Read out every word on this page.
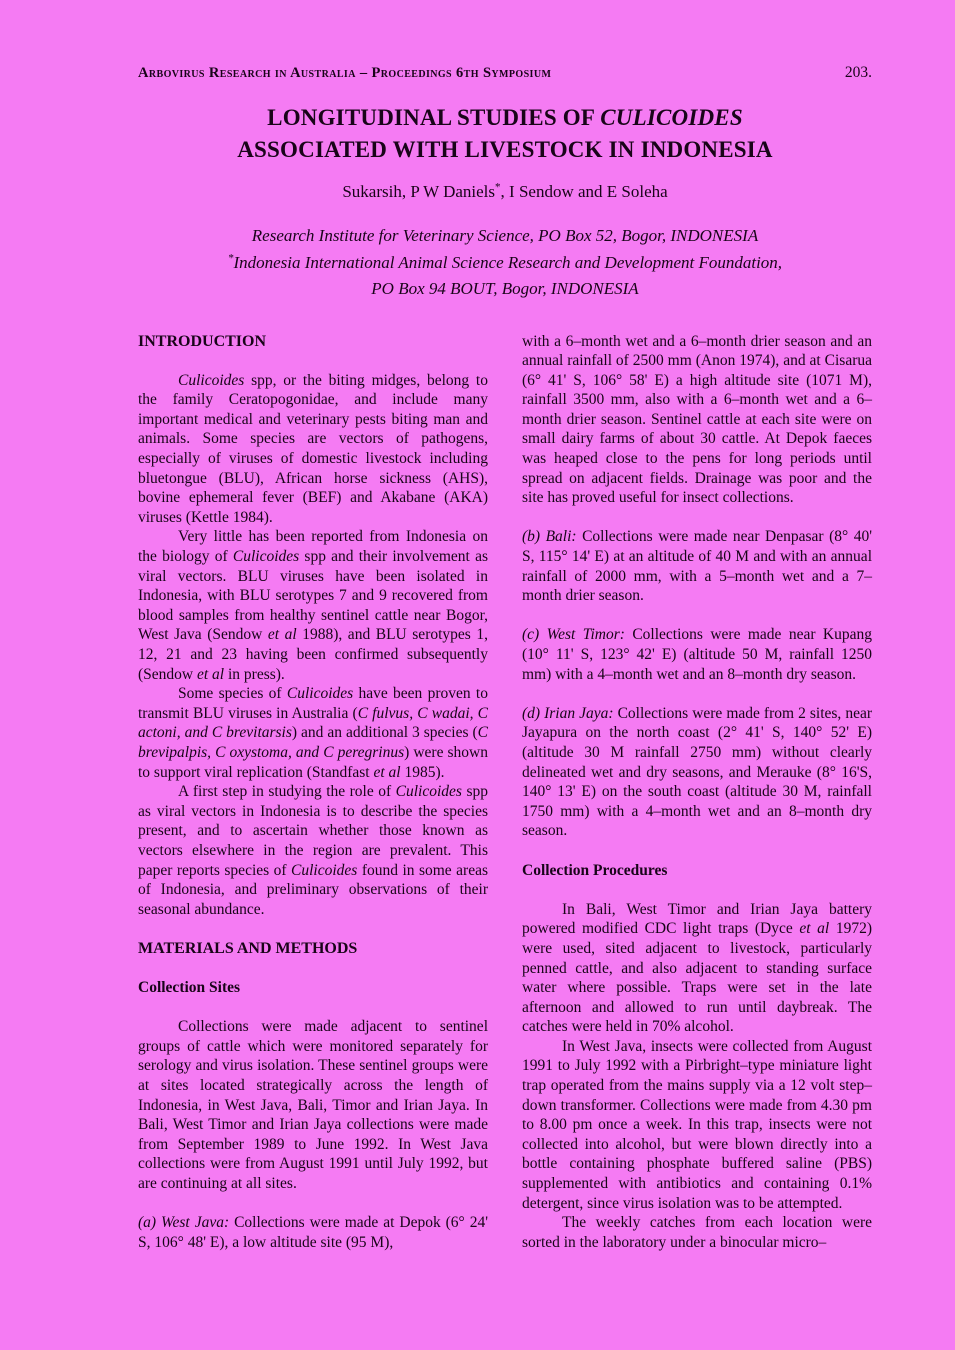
Arbovirus Research in Australia – Proceedings 6th Symposium	203.
LONGITUDINAL STUDIES OF CULICOIDES
ASSOCIATED WITH LIVESTOCK IN INDONESIA
Sukarsih, P W Daniels*, I Sendow and E Soleha
Research Institute for Veterinary Science, PO Box 52, Bogor, INDONESIA
*Indonesia International Animal Science Research and Development Foundation,
PO Box 94 BOUT, Bogor, INDONESIA
INTRODUCTION
Culicoides spp, or the biting midges, belong to the family Ceratopogonidae, and include many important medical and veterinary pests biting man and animals. Some species are vectors of pathogens, especially of viruses of domestic livestock including bluetongue (BLU), African horse sickness (AHS), bovine ephemeral fever (BEF) and Akabane (AKA) viruses (Kettle 1984).
Very little has been reported from Indonesia on the biology of Culicoides spp and their involvement as viral vectors. BLU viruses have been isolated in Indonesia, with BLU serotypes 7 and 9 recovered from blood samples from healthy sentinel cattle near Bogor, West Java (Sendow et al 1988), and BLU serotypes 1, 12, 21 and 23 having been confirmed subsequently (Sendow et al in press).
Some species of Culicoides have been proven to transmit BLU viruses in Australia (C fulvus, C wadai, C actoni, and C brevitarsis) and an additional 3 species (C brevipalpis, C oxystoma, and C peregrinus) were shown to support viral replication (Standfast et al 1985).
A first step in studying the role of Culicoides spp as viral vectors in Indonesia is to describe the species present, and to ascertain whether those known as vectors elsewhere in the region are prevalent. This paper reports species of Culicoides found in some areas of Indonesia, and preliminary observations of their seasonal abundance.
MATERIALS AND METHODS
Collection Sites
Collections were made adjacent to sentinel groups of cattle which were monitored separately for serology and virus isolation. These sentinel groups were at sites located strategically across the length of Indonesia, in West Java, Bali, Timor and Irian Jaya. In Bali, West Timor and Irian Jaya collections were made from September 1989 to June 1992. In West Java collections were from August 1991 until July 1992, but are continuing at all sites.
(a) West Java: Collections were made at Depok (6° 24' S, 106° 48' E), a low altitude site (95 M),
with a 6–month wet and a 6–month drier season and an annual rainfall of 2500 mm (Anon 1974), and at Cisarua (6° 41' S, 106° 58' E) a high altitude site (1071 M), rainfall 3500 mm, also with a 6–month wet and a 6–month drier season. Sentinel cattle at each site were on small dairy farms of about 30 cattle. At Depok faeces was heaped close to the pens for long periods until spread on adjacent fields. Drainage was poor and the site has proved useful for insect collections.
(b) Bali: Collections were made near Denpasar (8° 40' S, 115° 14' E) at an altitude of 40 M and with an annual rainfall of 2000 mm, with a 5–month wet and a 7–month drier season.
(c) West Timor: Collections were made near Kupang (10° 11' S, 123° 42' E) (altitude 50 M, rainfall 1250 mm) with a 4–month wet and an 8–month dry season.
(d) Irian Jaya: Collections were made from 2 sites, near Jayapura on the north coast (2° 41' S, 140° 52' E) (altitude 30 M rainfall 2750 mm) without clearly delineated wet and dry seasons, and Merauke (8° 16'S, 140° 13' E) on the south coast (altitude 30 M, rainfall 1750 mm) with a 4–month wet and an 8–month dry season.
Collection Procedures
In Bali, West Timor and Irian Jaya battery powered modified CDC light traps (Dyce et al 1972) were used, sited adjacent to livestock, particularly penned cattle, and also adjacent to standing surface water where possible. Traps were set in the late afternoon and allowed to run until daybreak. The catches were held in 70% alcohol.
In West Java, insects were collected from August 1991 to July 1992 with a Pirbright–type miniature light trap operated from the mains supply via a 12 volt step–down transformer. Collections were made from 4.30 pm to 8.00 pm once a week. In this trap, insects were not collected into alcohol, but were blown directly into a bottle containing phosphate buffered saline (PBS) supplemented with antibiotics and containing 0.1% detergent, since virus isolation was to be attempted.
The weekly catches from each location were sorted in the laboratory under a binocular micro–
